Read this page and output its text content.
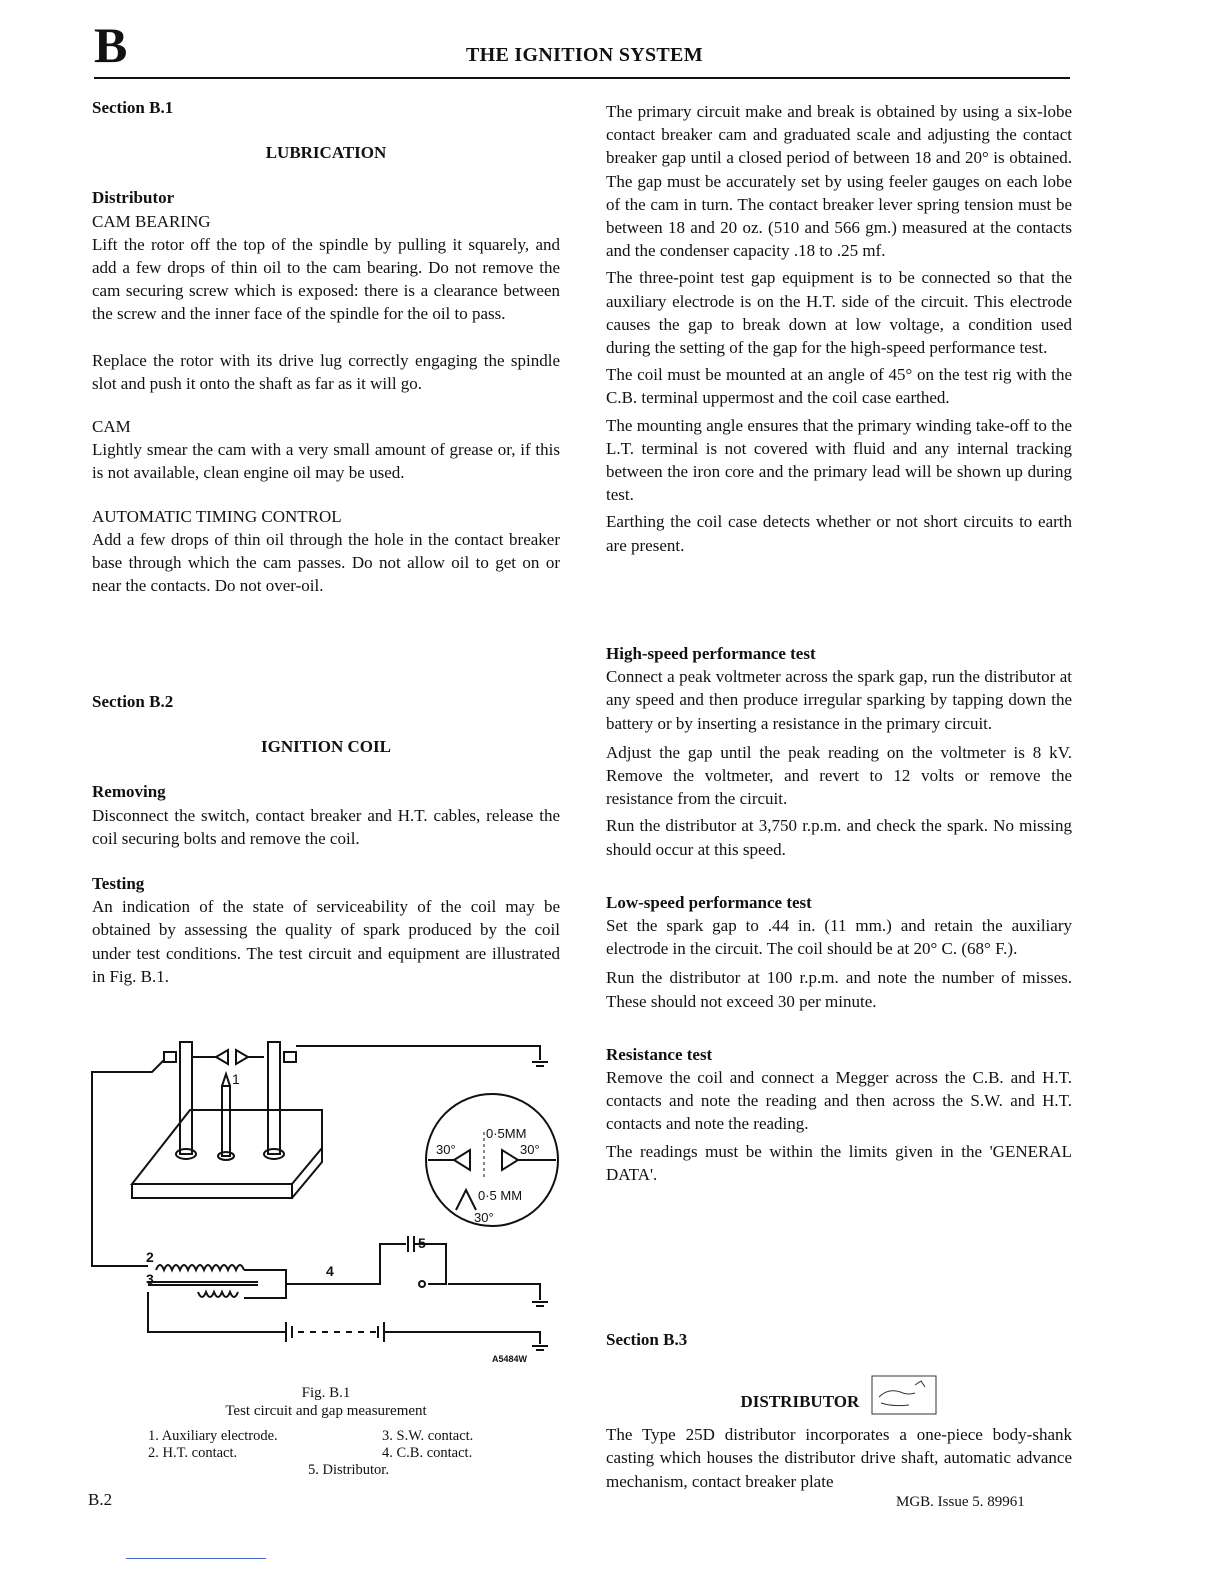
B	THE IGNITION SYSTEM

Section B.1

LUBRICATION

Distributor

CAM BEARING

Lift the rotor off the top of the spindle by pulling it squarely, and add a few drops of thin oil to the cam bearing. Do not remove the cam securing screw which is exposed: there is a clearance between the screw and the inner face of the spindle for the oil to pass.

Replace the rotor with its drive lug correctly engaging the spindle slot and push it onto the shaft as far as it will go.

CAM

Lightly smear the cam with a very small amount of grease or, if this is not available, clean engine oil may be used.

AUTOMATIC TIMING CONTROL

Add a few drops of thin oil through the hole in the contact breaker base through which the cam passes. Do not allow oil to get on or near the contacts. Do not over-oil.

Section B.2

IGNITION COIL

Removing

Disconnect the switch, contact breaker and H.T. cables, release the coil securing bolts and remove the coil.

Testing

An indication of the state of serviceability of the coil may be obtained by assessing the quality of spark produced by the coil under test conditions. The test circuit and equipment are illustrated in Fig. B.1.

1
2
3	4
5
0·5MM
30°	30°
0·5 MM
30°
A5484W
Fig. B.1
Test circuit and gap measurement
1. Auxiliary electrode.	3. S.W. contact.
2. H.T. contact.	4. C.B. contact.
5. Distributor.

The primary circuit make and break is obtained by using a six-lobe contact breaker cam and graduated scale and adjusting the contact breaker gap until a closed period of between 18 and 20° is obtained. The gap must be accurately set by using feeler gauges on each lobe of the cam in turn. The contact breaker lever spring tension must be between 18 and 20 oz. (510 and 566 gm.) measured at the contacts and the condenser capacity .18 to .25 mf.

The three-point test gap equipment is to be connected so that the auxiliary electrode is on the H.T. side of the circuit. This electrode causes the gap to break down at low voltage, a condition used during the setting of the gap for the high-speed performance test.

The coil must be mounted at an angle of 45° on the test rig with the C.B. terminal uppermost and the coil case earthed.

The mounting angle ensures that the primary winding take-off to the L.T. terminal is not covered with fluid and any internal tracking between the iron core and the primary lead will be shown up during test.

Earthing the coil case detects whether or not short circuits to earth are present.

High-speed performance test

Connect a peak voltmeter across the spark gap, run the distributor at any speed and then produce irregular sparking by tapping down the battery or by inserting a resistance in the primary circuit.

Adjust the gap until the peak reading on the voltmeter is 8 kV. Remove the voltmeter, and revert to 12 volts or remove the resistance from the circuit.

Run the distributor at 3,750 r.p.m. and check the spark. No missing should occur at this speed.

Low-speed performance test

Set the spark gap to .44 in. (11 mm.) and retain the auxiliary electrode in the circuit. The coil should be at 20° C. (68° F.).

Run the distributor at 100 r.p.m. and note the number of misses. These should not exceed 30 per minute.

Resistance test

Remove the coil and connect a Megger across the C.B. and H.T. contacts and note the reading and then across the S.W. and H.T. contacts and note the reading.

The readings must be within the limits given in the 'GENERAL DATA'.

Section B.3

DISTRIBUTOR

The Type 25D distributor incorporates a one-piece body-shank casting which houses the distributor drive shaft, automatic advance mechanism, contact breaker plate

B.2	MGB. Issue 5. 89961
